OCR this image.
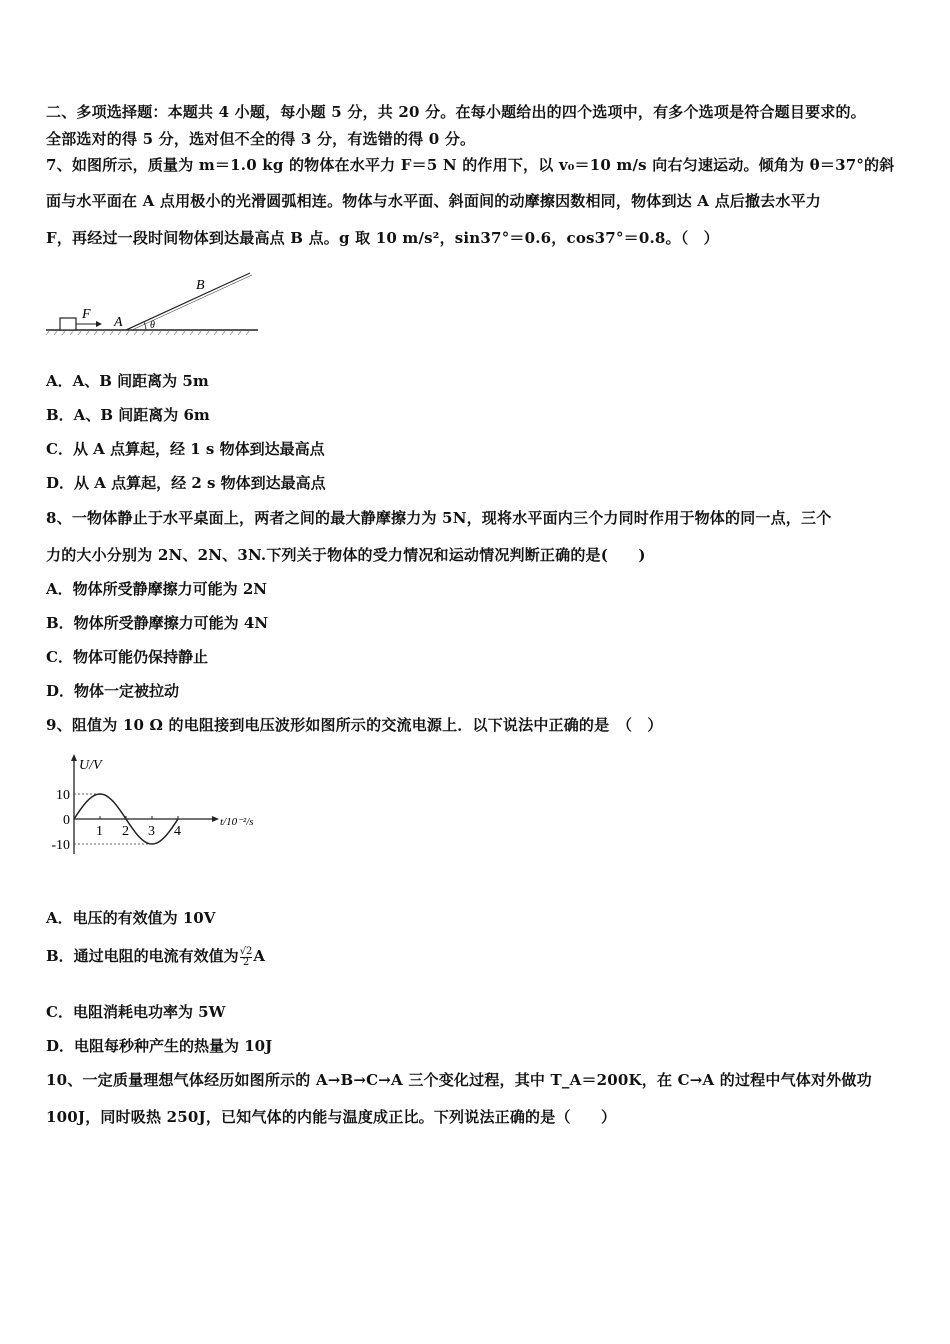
二、多项选择题：本题共 4 小题，每小题 5 分，共 20 分。在每小题给出的四个选项中，有多个选项是符合题目要求的。
全部选对的得 5 分，选对但不全的得 3 分，有选错的得 0 分。
7、如图所示，质量为 m＝1.0 kg 的物体在水平力 F＝5 N 的作用下，以 v₀＝10 m/s 向右匀速运动。倾角为 θ＝37°的斜
面与水平面在 A 点用极小的光滑圆弧相连。物体与水平面、斜面间的动摩擦因数相同，物体到达 A 点后撤去水平力
F，再经过一段时间物体到达最高点 B 点。g 取 10 m/s²，sin37°＝0.6，cos37°＝0.8。（　）
F
A
B
θ
A．A、B 间距离为 5m
B．A、B 间距离为 6m
C．从 A 点算起，经 1 s 物体到达最高点
D．从 A 点算起，经 2 s 物体到达最高点
8、一物体静止于水平桌面上，两者之间的最大静摩擦力为 5N，现将水平面内三个力同时作用于物体的同一点，三个
力的大小分别为 2N、2N、3N.下列关于物体的受力情况和运动情况判断正确的是(　　)
A．物体所受静摩擦力可能为 2N
B．物体所受静摩擦力可能为 4N
C．物体可能仍保持静止
D．物体一定被拉动
9、阻值为 10 Ω 的电阻接到电压波形如图所示的交流电源上．以下说法中正确的是　（　）
U/V
t/10⁻²/s
10
0
-10
1 2 3 4
A．电压的有效值为 10V
B．通过电阻的电流有效值为 $\frac{√2}{2}$ A
C．电阻消耗电功率为 5W
D．电阻每秒种产生的热量为 10J
10、一定质量理想气体经历如图所示的 A→B→C→A 三个变化过程，其中 T_A＝200K，在 C→A 的过程中气体对外做功
100J，同时吸热 250J，已知气体的内能与温度成正比。下列说法正确的是（　　）
